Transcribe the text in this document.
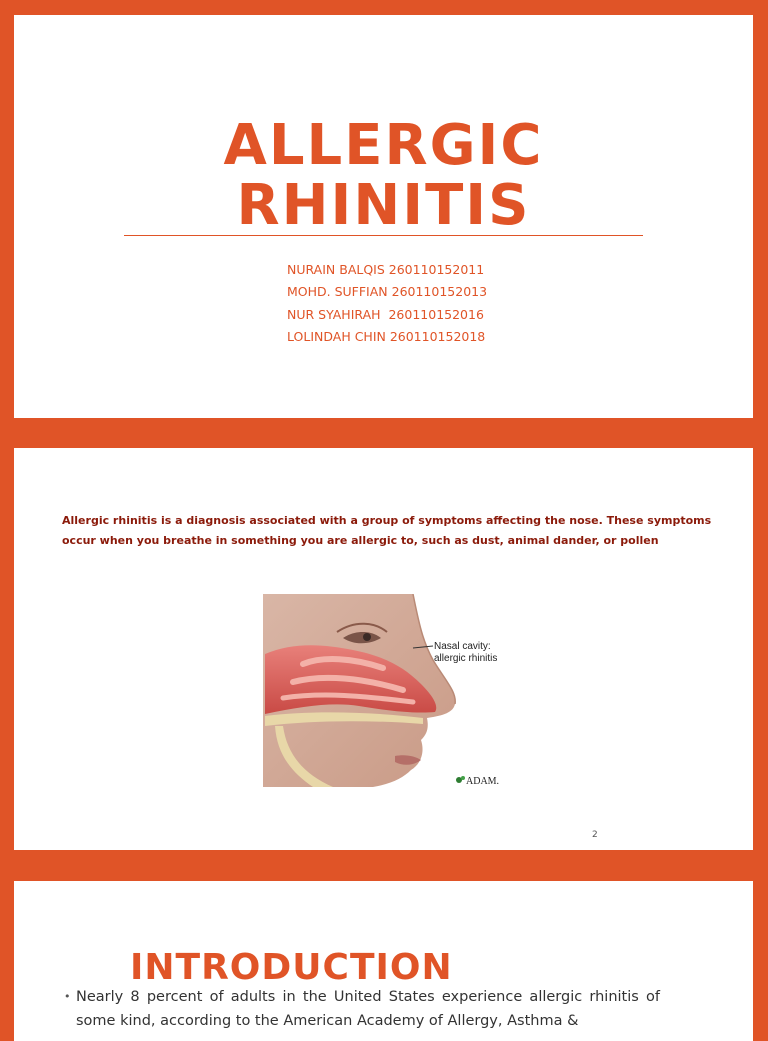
ALLERGIC
RHINITIS
NURAIN BALQIS 260110152011
MOHD. SUFFIAN 260110152013
NUR SYAHIRAH  260110152016
LOLINDAH CHIN 260110152018

Allergic rhinitis is a diagnosis associated with a group of symptoms affecting the nose. These symptoms occur when you breathe in something you are allergic to, such as dust, animal dander, or pollen

Nasal cavity:
allergic rhinitis
ADAM.
2
INTRODUCTION
• Nearly 8 percent of adults in the United States experience allergic rhinitis of some kind, according to the American Academy of Allergy, Asthma &
